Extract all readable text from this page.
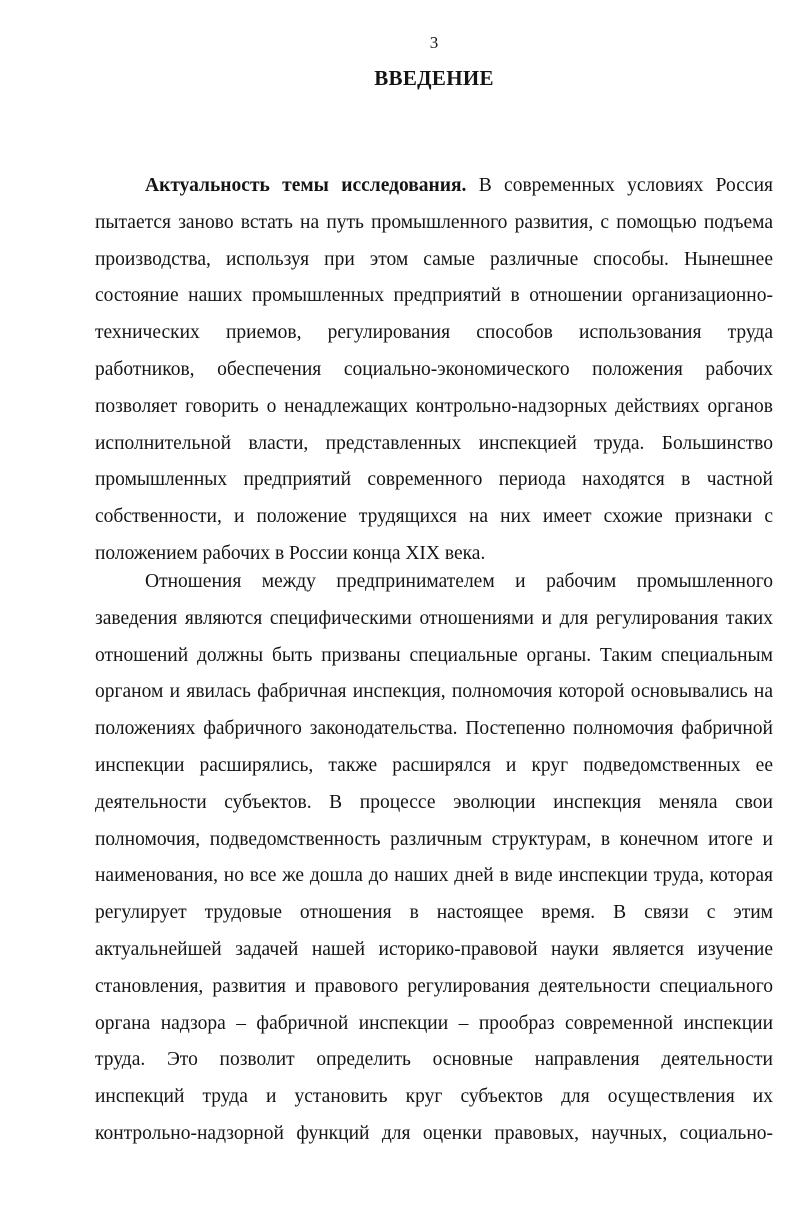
3
ВВЕДЕНИЕ
Актуальность темы исследования. В современных условиях Россия
пытается заново встать на путь промышленного развития, с помощью подъема
производства, используя при этом самые различные способы. Нынешнее
состояние наших промышленных предприятий в отношении организационно-
технических приемов, регулирования способов использования труда
работников, обеспечения социально-экономического положения рабочих
позволяет говорить о ненадлежащих контрольно-надзорных действиях органов
исполнительной власти, представленных инспекцией труда. Большинство
промышленных предприятий современного периода находятся в частной
собственности, и положение трудящихся на них имеет схожие признаки с
положением рабочих в России конца XIX века.
Отношения между предпринимателем и рабочим промышленного
заведения являются специфическими отношениями и для регулирования таких
отношений должны быть призваны специальные органы. Таким специальным
органом и явилась фабричная инспекция, полномочия которой основывались на
положениях фабричного законодательства. Постепенно полномочия фабричной
инспекции расширялись, также расширялся и круг подведомственных ее
деятельности субъектов. В процессе эволюции инспекция меняла свои
полномочия, подведомственность различным структурам, в конечном итоге и
наименования, но все же дошла до наших дней в виде инспекции труда, которая
регулирует трудовые отношения в настоящее время. В связи с этим
актуальнейшей задачей нашей историко-правовой науки является изучение
становления, развития и правового регулирования деятельности специального
органа надзора – фабричной инспекции – прообраз современной инспекции
труда. Это позволит определить основные направления деятельности
инспекций труда и установить круг субъектов для осуществления их
контрольно-надзорной функций для оценки правовых, научных, социально-
